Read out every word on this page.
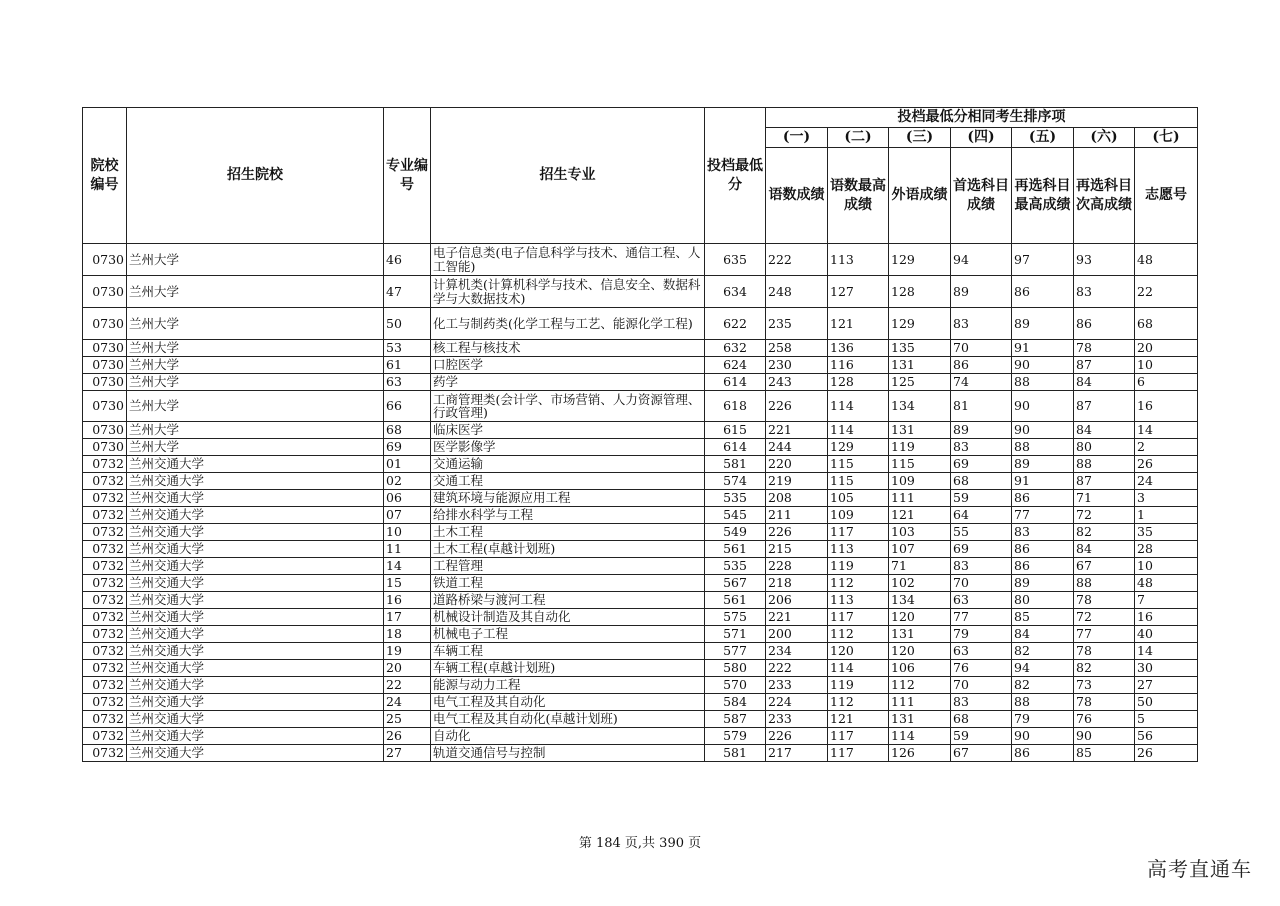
院校编号	招生院校	专业编号	招生专业	投档最低分	投档最低分相同考生排序项						
					(一)	(二)	(三)	(四)	(五)	(六)	(七)
					语数成绩	语数最高成绩	外语成绩	首选科目成绩	再选科目最高成绩	再选科目次高成绩	志愿号
0730	兰州大学	46	电子信息类(电子信息科学与技术、通信工程、人工智能)	635	222	113	129	94	97	93	48
0730	兰州大学	47	计算机类(计算机科学与技术、信息安全、数据科学与大数据技术)	634	248	127	128	89	86	83	22
0730	兰州大学	50	化工与制药类(化学工程与工艺、能源化学工程)	622	235	121	129	83	89	86	68
0730	兰州大学	53	核工程与核技术	632	258	136	135	70	91	78	20
0730	兰州大学	61	口腔医学	624	230	116	131	86	90	87	10
0730	兰州大学	63	药学	614	243	128	125	74	88	84	6
0730	兰州大学	66	工商管理类(会计学、市场营销、人力资源管理、行政管理)	618	226	114	134	81	90	87	16
0730	兰州大学	68	临床医学	615	221	114	131	89	90	84	14
0730	兰州大学	69	医学影像学	614	244	129	119	83	88	80	2
0732	兰州交通大学	01	交通运输	581	220	115	115	69	89	88	26
0732	兰州交通大学	02	交通工程	574	219	115	109	68	91	87	24
0732	兰州交通大学	06	建筑环境与能源应用工程	535	208	105	111	59	86	71	3
0732	兰州交通大学	07	给排水科学与工程	545	211	109	121	64	77	72	1
0732	兰州交通大学	10	土木工程	549	226	117	103	55	83	82	35
0732	兰州交通大学	11	土木工程(卓越计划班)	561	215	113	107	69	86	84	28
0732	兰州交通大学	14	工程管理	535	228	119	71	83	86	67	10
0732	兰州交通大学	15	铁道工程	567	218	112	102	70	89	88	48
0732	兰州交通大学	16	道路桥梁与渡河工程	561	206	113	134	63	80	78	7
0732	兰州交通大学	17	机械设计制造及其自动化	575	221	117	120	77	85	72	16
0732	兰州交通大学	18	机械电子工程	571	200	112	131	79	84	77	40
0732	兰州交通大学	19	车辆工程	577	234	120	120	63	82	78	14
0732	兰州交通大学	20	车辆工程(卓越计划班)	580	222	114	106	76	94	82	30
0732	兰州交通大学	22	能源与动力工程	570	233	119	112	70	82	73	27
0732	兰州交通大学	24	电气工程及其自动化	584	224	112	111	83	88	78	50
0732	兰州交通大学	25	电气工程及其自动化(卓越计划班)	587	233	121	131	68	79	76	5
0732	兰州交通大学	26	自动化	579	226	117	114	59	90	90	56
0732	兰州交通大学	27	轨道交通信号与控制	581	217	117	126	67	86	85	26
第 184 页,共 390 页
高考直通车
